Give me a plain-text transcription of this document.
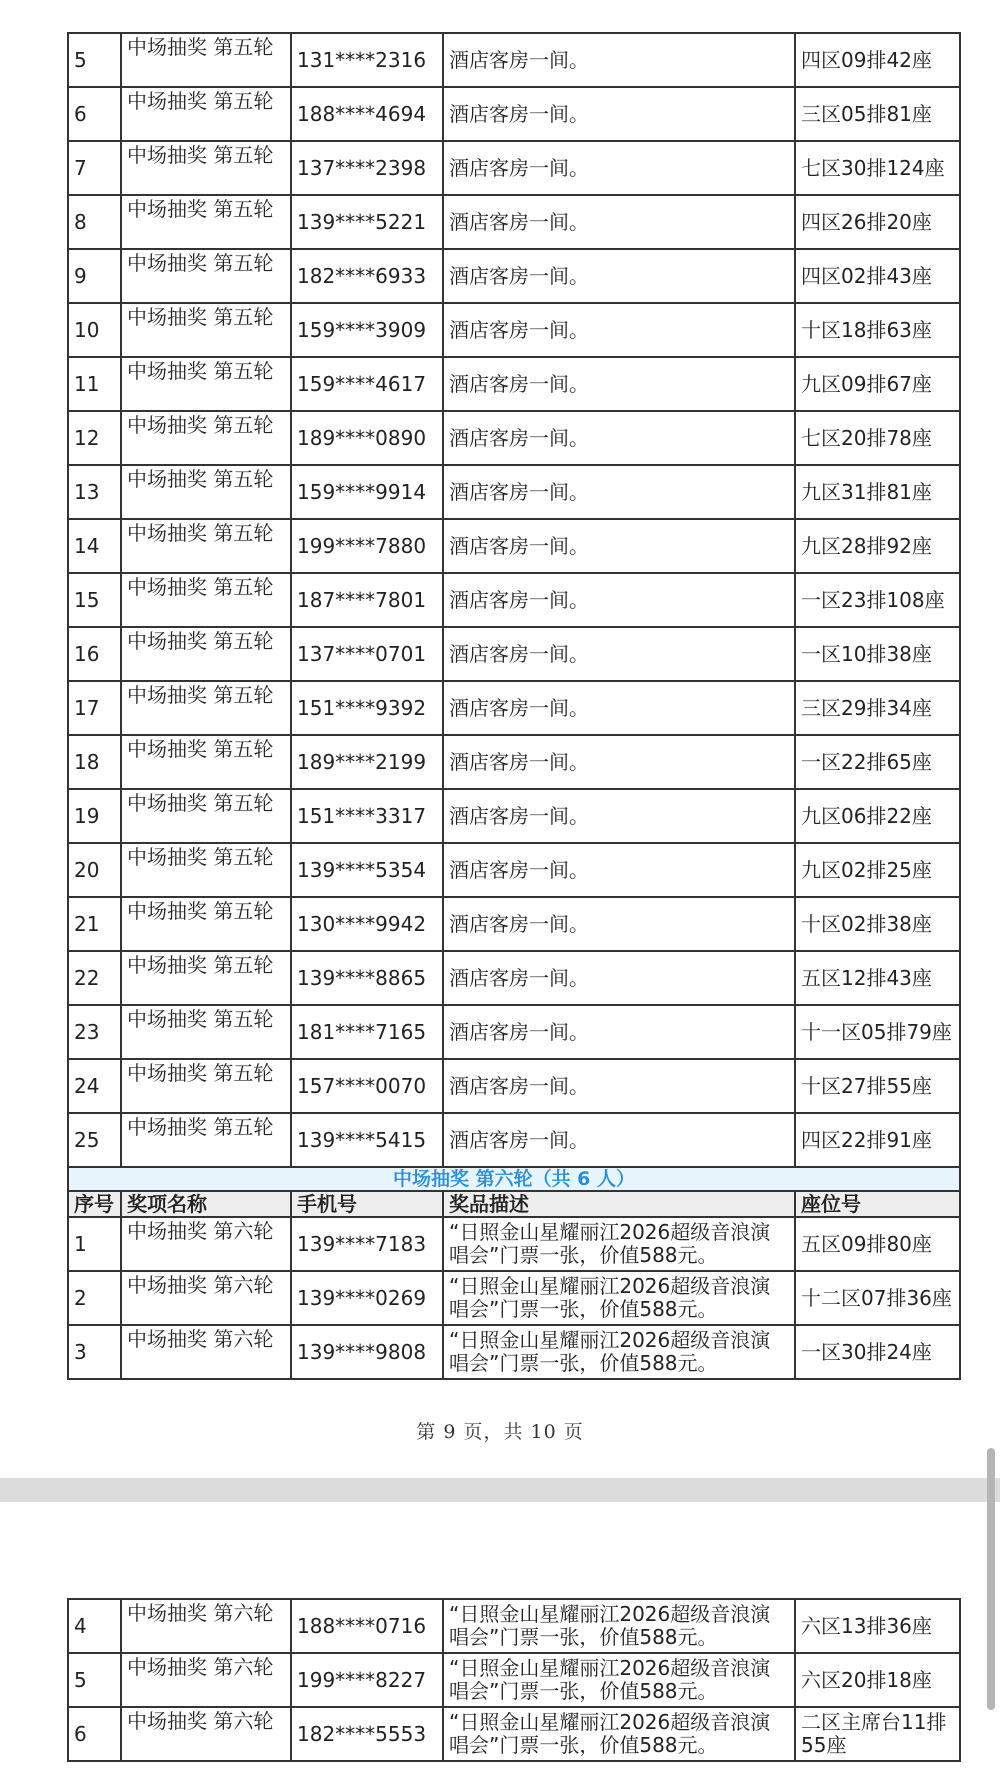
5	中场抽奖 第五轮	131****2316	酒店客房一间。	四区09排42座
6	中场抽奖 第五轮	188****4694	酒店客房一间。	三区05排81座
7	中场抽奖 第五轮	137****2398	酒店客房一间。	七区30排124座
8	中场抽奖 第五轮	139****5221	酒店客房一间。	四区26排20座
9	中场抽奖 第五轮	182****6933	酒店客房一间。	四区02排43座
10	中场抽奖 第五轮	159****3909	酒店客房一间。	十区18排63座
11	中场抽奖 第五轮	159****4617	酒店客房一间。	九区09排67座
12	中场抽奖 第五轮	189****0890	酒店客房一间。	七区20排78座
13	中场抽奖 第五轮	159****9914	酒店客房一间。	九区31排81座
14	中场抽奖 第五轮	199****7880	酒店客房一间。	九区28排92座
15	中场抽奖 第五轮	187****7801	酒店客房一间。	一区23排108座
16	中场抽奖 第五轮	137****0701	酒店客房一间。	一区10排38座
17	中场抽奖 第五轮	151****9392	酒店客房一间。	三区29排34座
18	中场抽奖 第五轮	189****2199	酒店客房一间。	一区22排65座
19	中场抽奖 第五轮	151****3317	酒店客房一间。	九区06排22座
20	中场抽奖 第五轮	139****5354	酒店客房一间。	九区02排25座
21	中场抽奖 第五轮	130****9942	酒店客房一间。	十区02排38座
22	中场抽奖 第五轮	139****8865	酒店客房一间。	五区12排43座
23	中场抽奖 第五轮	181****7165	酒店客房一间。	十一区05排79座
24	中场抽奖 第五轮	157****0070	酒店客房一间。	十区27排55座
25	中场抽奖 第五轮	139****5415	酒店客房一间。	四区22排91座
中场抽奖 第六轮（共 6 人）				
序号	奖项名称	手机号	奖品描述	座位号
1	中场抽奖 第六轮	139****7183	“日照金山星耀丽江2026超级音浪演唱会”门票一张，价值588元。	五区09排80座
2	中场抽奖 第六轮	139****0269	“日照金山星耀丽江2026超级音浪演唱会”门票一张，价值588元。	十二区07排36座
3	中场抽奖 第六轮	139****9808	“日照金山星耀丽江2026超级音浪演唱会”门票一张，价值588元。	一区30排24座
第 9 页，共 10 页
4	中场抽奖 第六轮	188****0716	“日照金山星耀丽江2026超级音浪演唱会”门票一张，价值588元。	六区13排36座
5	中场抽奖 第六轮	199****8227	“日照金山星耀丽江2026超级音浪演唱会”门票一张，价值588元。	六区20排18座
6	中场抽奖 第六轮	182****5553	“日照金山星耀丽江2026超级音浪演唱会”门票一张，价值588元。	二区主席台11排55座
